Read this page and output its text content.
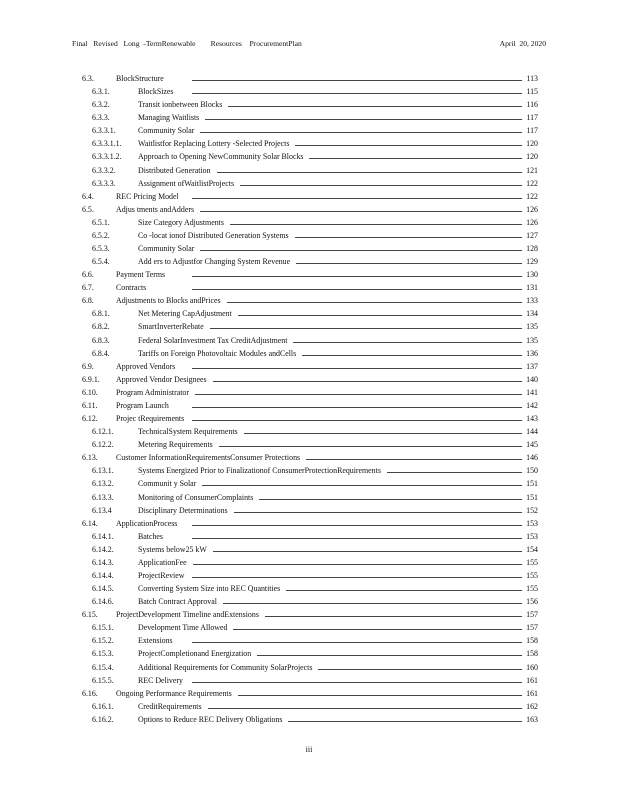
Final   Revised   Long  -TermRenewable        Resources    ProcurementPlan	April  20, 2020
6.3.	BlockStructure	113
6.3.1.	BlockSizes	115
6.3.2.	Transit ionbetween Blocks	116
6.3.3.	Managing Waitlists	117
6.3.3.1.	Community Solar	117
6.3.3.1.1. Waitlistfor Replacing Lottery -Selected Projects	120
6.3.3.1.2. Approach to Opening NewCommunity Solar Blocks	120
6.3.3.2.	Distributed Generation	121
6.3.3.3.	Assignment ofWaitlistProjects	122
6.4.	REC Pricing Model	122
6.5.	Adjus tments andAdders	126
6.5.1.	Size Category Adjustments	126
6.5.2.	Co -locat ionof Distributed Generation Systems	127
6.5.3.	Community Solar	128
6.5.4.	Add ers to Adjustfor Changing System Revenue	129
6.6.	Payment Terms	130
6.7.	Contracts	131
6.8.	Adjustments to Blocks andPrices	133
6.8.1.	Net Metering CapAdjustment	134
6.8.2.	SmartInverterRebate	135
6.8.3.	Federal SolarInvestment Tax CreditAdjustment	135
6.8.4.	Tariffs on Foreign Photovoltaic Modules andCells	136
6.9.	Approved Vendors	137
6.9.1. Approved Vendor Designees	140
6.10. Program Administrator	141
6.11. Program Launch	142
6.12. Projec tRequirements	143
6.12.1.	TechnicalSystem Requirements	144
6.12.2.	Metering Requirements	145
6.13. Customer InformationRequirementsConsumer Protections	146
6.13.1.	Systems Energized Prior to Finalizationof ConsumerProtectionRequirements	150
6.13.2.	Communit y Solar	151
6.13.3.	Monitoring of ConsumerComplaints	151
6.13.4	Disciplinary Determinations	152
6.14. ApplicationProcess	153
6.14.1.	Batches	153
6.14.2.	Systems below25 kW	154
6.14.3.	ApplicationFee	155
6.14.4.	ProjectReview	155
6.14.5.	Converting System Size into REC Quantities	155
6.14.6.	Batch Contract Approval	156
6.15. ProjectDevelopment Timeline andExtensions	157
6.15.1.	Development Time Allowed	157
6.15.2.	Extensions	158
6.15.3.	ProjectCompletionand Energization	158
6.15.4.	Additional Requirements for Community SolarProjects	160
6.15.5.	REC Delivery	161
6.16. Ongoing Performance Requirements	161
6.16.1.	CreditRequirements	162
6.16.2.	Options to Reduce REC Delivery Obligations	163
iii
